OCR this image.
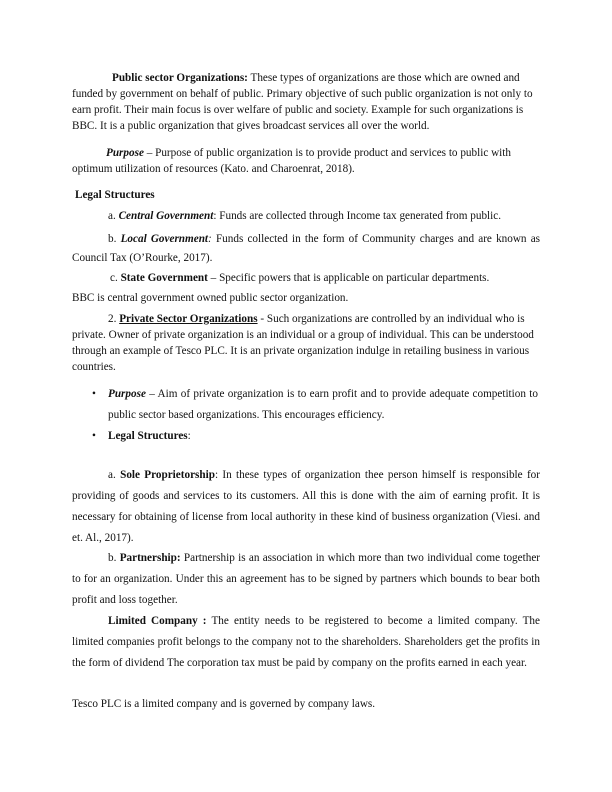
Public sector Organizations: These types of organizations are those which are owned and funded by government on behalf of public. Primary objective of such public organization is not only to earn profit. Their main focus is over welfare of public and society. Example for such organizations is BBC. It is a public organization that gives broadcast services all over the world.

Purpose – Purpose of public organization is to provide product and services to public with optimum utilization of resources (Kato. and Charoenrat, 2018).

Legal Structures

a. Central Government: Funds are collected through Income tax generated from public.

b. Local Government: Funds collected in the form of Community charges and are known as Council Tax (O’Rourke, 2017).

c. State Government – Specific powers that is applicable on particular departments.

BBC is central government owned public sector organization.

2. Private Sector Organizations - Such organizations are controlled by an individual who is private. Owner of private organization is an individual or a group of individual. This can be understood through an example of Tesco PLC. It is an private organization indulge in retailing business in various countries.

•	Purpose – Aim of private organization is to earn profit and to provide adequate competition to public sector based organizations. This encourages efficiency.
•	Legal Structures:

a. Sole Proprietorship: In these types of organization thee person himself is responsible for providing of goods and services to its customers. All this is done with the aim of earning profit. It is necessary for obtaining of license from local authority in these kind of business organization (Viesi. and et. Al., 2017).

b. Partnership: Partnership is an association in which more than two individual come together to for an organization. Under this an agreement has to be signed by partners which bounds to bear both profit and loss together.

Limited Company : The entity needs to be registered to become a limited company. The limited companies profit belongs to the company not to the shareholders. Shareholders get the profits in the form of dividend The corporation tax must be paid by company on the profits earned in each year.

Tesco PLC is a limited company and is governed by company laws.
